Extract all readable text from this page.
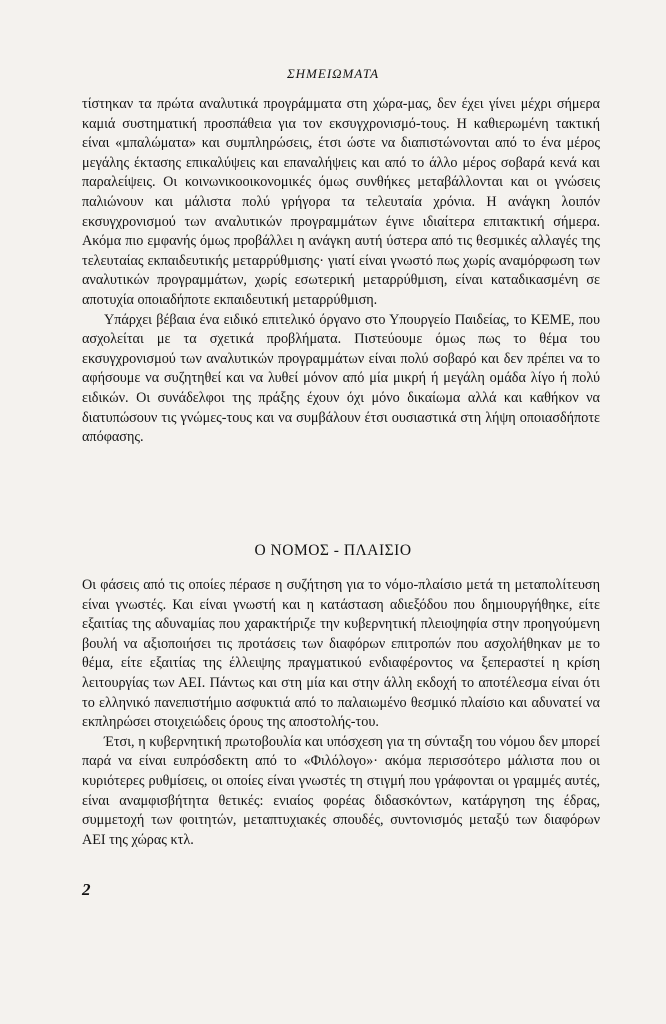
ΣΗΜΕΙΩΜΑΤΑ

τίστηκαν τα πρώτα αναλυτικά προγράμματα στη χώρα-μας, δεν έχει γίνει μέχρι σήμερα καμιά συστηματική προσπάθεια για τον εκσυγχρονισμό-τους. Η καθιερωμένη τακτική είναι «μπαλώματα» και συμπληρώσεις, έτσι ώστε να διαπιστώνονται από το ένα μέρος μεγάλης έκτασης επικαλύψεις και επαναλήψεις και από το άλλο μέρος σοβαρά κενά και παραλείψεις. Οι κοινωνικοοικονομικές όμως συνθήκες μεταβάλλονται και οι γνώσεις παλιώνουν και μάλιστα πολύ γρήγορα τα τελευταία χρόνια. Η ανάγκη λοιπόν εκσυγχρονισμού των αναλυτικών προγραμμάτων έγινε ιδιαίτερα επιτακτική σήμερα. Ακόμα πιο εμφανής όμως προβάλλει η ανάγκη αυτή ύστερα από τις θεσμικές αλλαγές της τελευταίας εκπαιδευτικής μεταρρύθμισης· γιατί είναι γνωστό πως χωρίς αναμόρφωση των αναλυτικών προγραμμάτων, χωρίς εσωτερική μεταρρύθμιση, είναι καταδικασμένη σε αποτυχία οποιαδήποτε εκπαιδευτική μεταρρύθμιση.

Υπάρχει βέβαια ένα ειδικό επιτελικό όργανο στο Υπουργείο Παιδείας, το ΚΕΜΕ, που ασχολείται με τα σχετικά προβλήματα. Πιστεύουμε όμως πως το θέμα του εκσυγχρονισμού των αναλυτικών προγραμμάτων είναι πολύ σοβαρό και δεν πρέπει να το αφήσουμε να συζητηθεί και να λυθεί μόνον από μία μικρή ή μεγάλη ομάδα λίγο ή πολύ ειδικών. Οι συνάδελφοι της πράξης έχουν όχι μόνο δικαίωμα αλλά και καθήκον να διατυπώσουν τις γνώμες-τους και να συμβάλουν έτσι ουσιαστικά στη λήψη οποιασδήποτε απόφασης.

Ο ΝΟΜΟΣ - ΠΛΑΙΣΙΟ

Οι φάσεις από τις οποίες πέρασε η συζήτηση για το νόμο-πλαίσιο μετά τη μεταπολίτευση είναι γνωστές. Και είναι γνωστή και η κατάσταση αδιεξόδου που δημιουργήθηκε, είτε εξαιτίας της αδυναμίας που χαρακτήριζε την κυβερνητική πλειοψηφία στην προηγούμενη βουλή να αξιοποιήσει τις προτάσεις των διαφόρων επιτροπών που ασχολήθηκαν με το θέμα, είτε εξαιτίας της έλλειψης πραγματικού ενδιαφέροντος να ξεπεραστεί η κρίση λειτουργίας των ΑΕΙ. Πάντως και στη μία και στην άλλη εκδοχή το αποτέλεσμα είναι ότι το ελληνικό πανεπιστήμιο ασφυκτιά από το παλαιωμένο θεσμικό πλαίσιο και αδυνατεί να εκπληρώσει στοιχειώδεις όρους της αποστολής-του.

Έτσι, η κυβερνητική πρωτοβουλία και υπόσχεση για τη σύνταξη του νόμου δεν μπορεί παρά να είναι ευπρόσδεκτη από το «Φιλόλογο»· ακόμα περισσότερο μάλιστα που οι κυριότερες ρυθμίσεις, οι οποίες είναι γνωστές τη στιγμή που γράφονται οι γραμμές αυτές, είναι αναμφισβήτητα θετικές: ενιαίος φορέας διδασκόντων, κατάργηση της έδρας, συμμετοχή των φοιτητών, μεταπτυχιακές σπουδές, συντονισμός μεταξύ των διαφόρων ΑΕΙ της χώρας κτλ.

2
